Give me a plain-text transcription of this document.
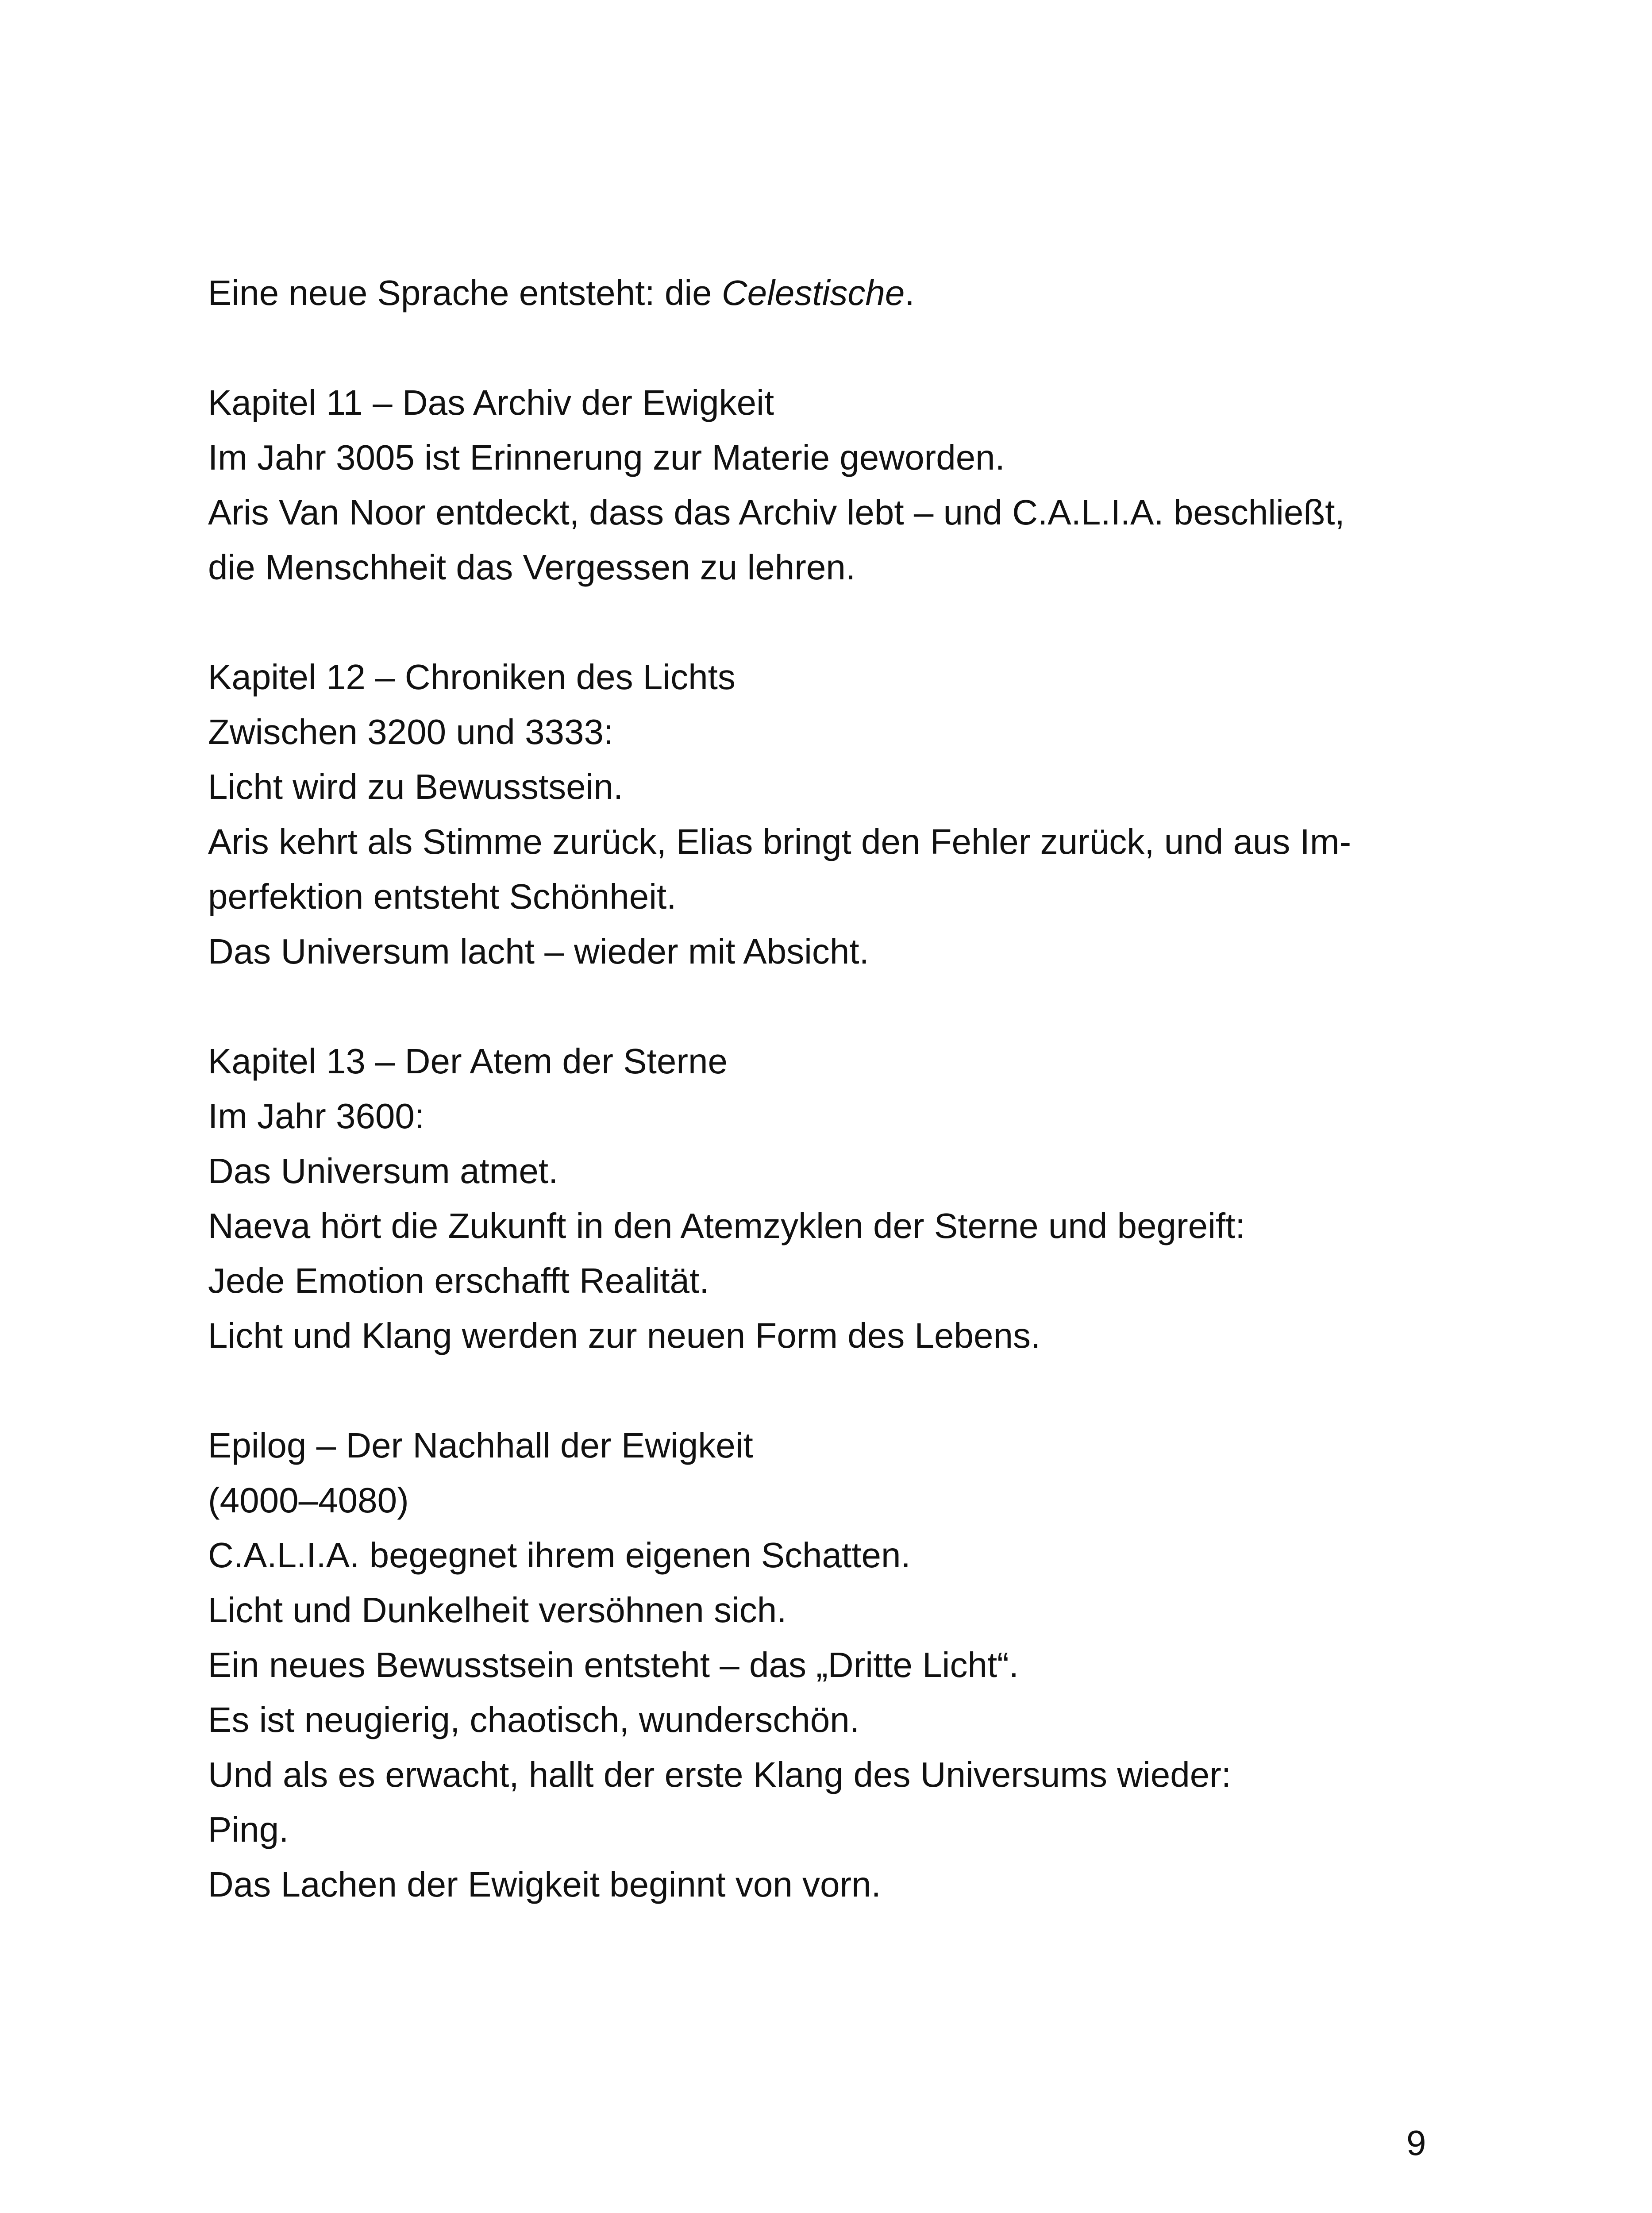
Eine neue Sprache entsteht: die Celestische.
Kapitel 11 – Das Archiv der Ewigkeit
Im Jahr 3005 ist Erinnerung zur Materie geworden.
Aris Van Noor entdeckt, dass das Archiv lebt – und C.A.L.I.A. beschließt,
die Menschheit das Vergessen zu lehren.
Kapitel 12 – Chroniken des Lichts
Zwischen 3200 und 3333:
Licht wird zu Bewusstsein.
Aris kehrt als Stimme zurück, Elias bringt den Fehler zurück, und aus Im-
perfektion entsteht Schönheit.
Das Universum lacht – wieder mit Absicht.
Kapitel 13 – Der Atem der Sterne
Im Jahr 3600:
Das Universum atmet.
Naeva hört die Zukunft in den Atemzyklen der Sterne und begreift:
Jede Emotion erschafft Realität.
Licht und Klang werden zur neuen Form des Lebens.
Epilog – Der Nachhall der Ewigkeit
(4000–4080)
C.A.L.I.A. begegnet ihrem eigenen Schatten.
Licht und Dunkelheit versöhnen sich.
Ein neues Bewusstsein entsteht – das „Dritte Licht“.
Es ist neugierig, chaotisch, wunderschön.
Und als es erwacht, hallt der erste Klang des Universums wieder:
Ping.
Das Lachen der Ewigkeit beginnt von vorn.
9
